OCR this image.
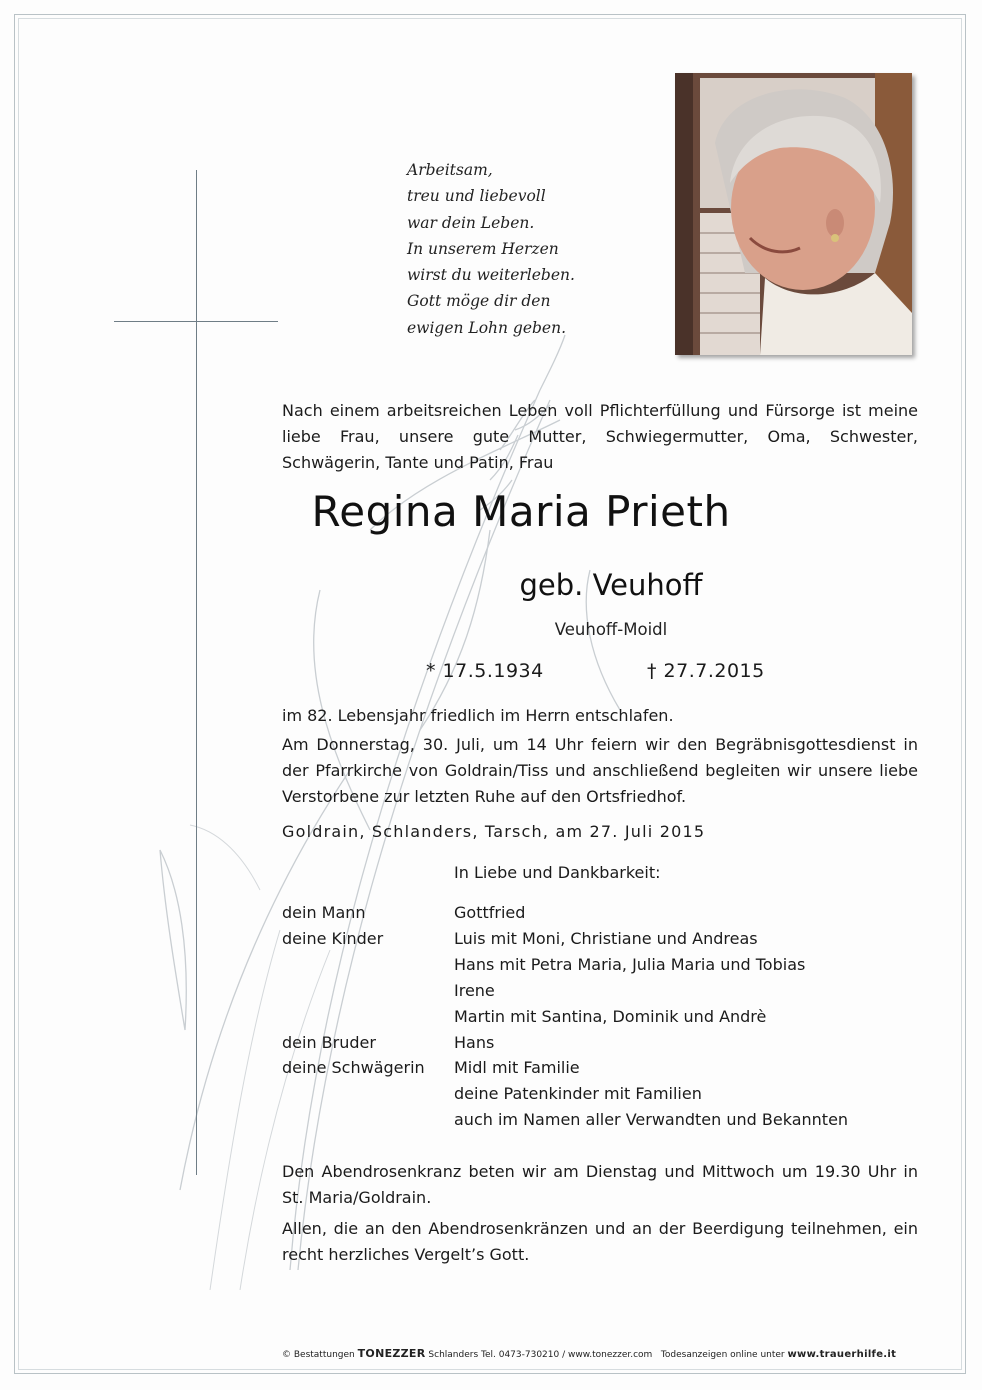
Arbeitsam,
treu und liebevoll
war dein Leben.
In unserem Herzen
wirst du weiterleben.
Gott möge dir den
ewigen Lohn geben.
Nach einem arbeitsreichen Leben voll Pflichterfüllung und Fürsorge ist meine liebe Frau, unsere gute Mutter, Schwiegermutter, Oma, Schwester, Schwägerin, Tante und Patin, Frau
Regina Maria Prieth
geb. Veuhoff
Veuhoff-Moidl
* 17.5.1934	† 27.7.2015
im 82. Lebensjahr friedlich im Herrn entschlafen.
Am Donnerstag, 30. Juli, um 14 Uhr feiern wir den Begräbnisgottesdienst in der Pfarrkirche von Goldrain/Tiss und anschließend begleiten wir unsere liebe Verstorbene zur letzten Ruhe auf den Ortsfriedhof.
Goldrain, Schlanders, Tarsch, am 27. Juli 2015
In Liebe und Dankbarkeit:
dein Mann	Gottfried
deine Kinder	Luis mit Moni, Christiane und Andreas
Hans mit Petra Maria, Julia Maria und Tobias
Irene
Martin mit Santina, Dominik und Andrè
dein Bruder	Hans
deine Schwägerin	Midl mit Familie
deine Patenkinder mit Familien
auch im Namen aller Verwandten und Bekannten
Den Abendrosenkranz beten wir am Dienstag und Mittwoch um 19.30 Uhr in St. Maria/Goldrain.
Allen, die an den Abendrosenkränzen und an der Beerdigung teilnehmen, ein recht herzliches Vergelt’s Gott.
© Bestattungen TONEZZER Schlanders Tel. 0473-730210 / www.tonezzer.com Todesanzeigen online unter www.trauerhilfe.it
